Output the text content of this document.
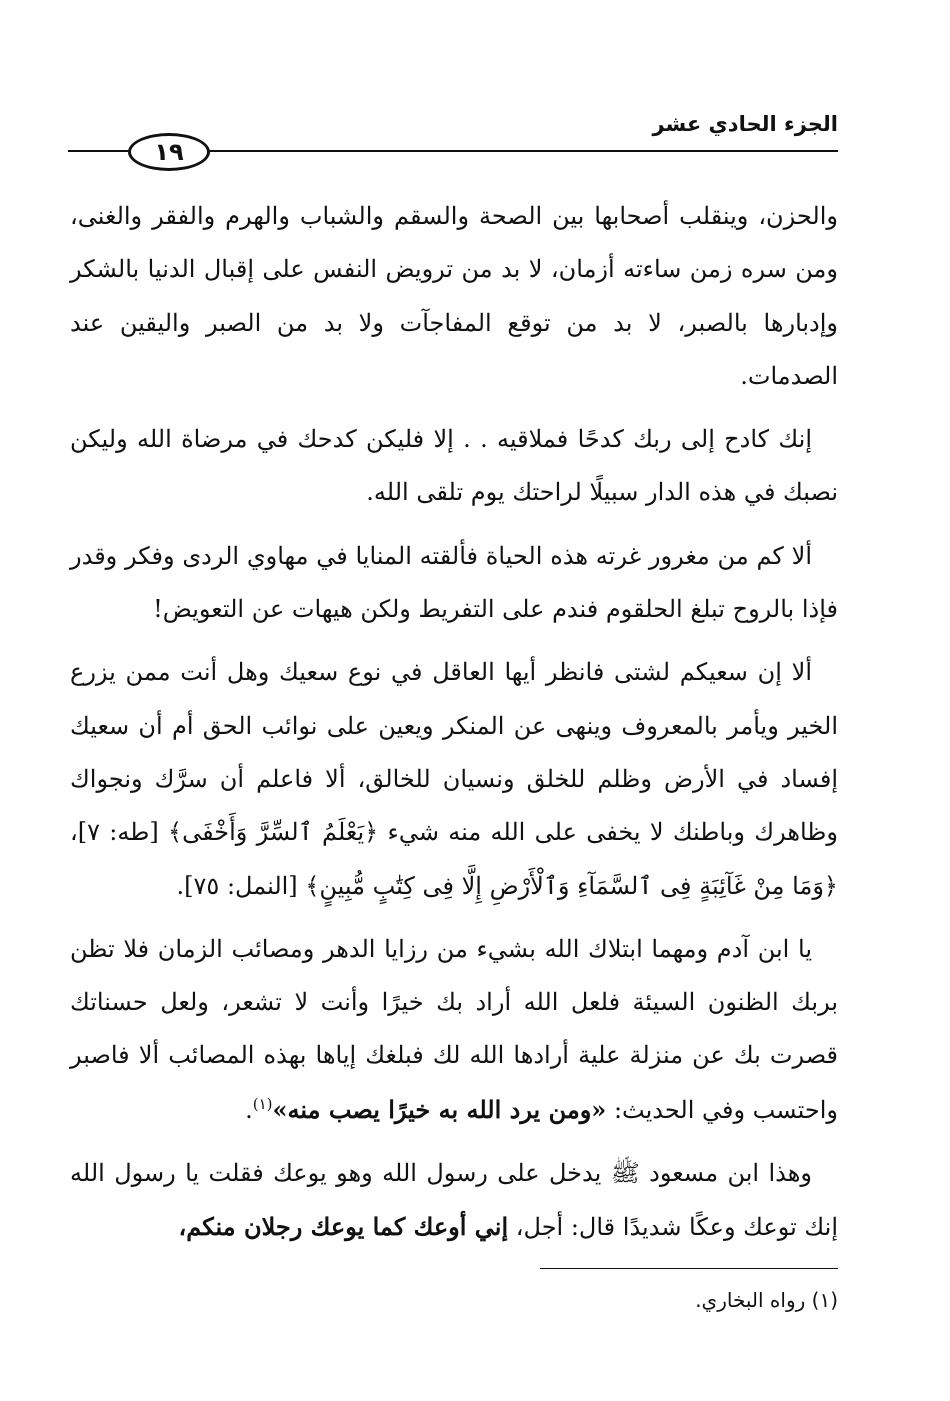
الجزء الحادي عشر
١٩

والحزن، وينقلب أصحابها بين الصحة والسقم والشباب والهرم والفقر والغنى، ومن سره زمن ساءته أزمان، لا بد من ترويض النفس على إقبال الدنيا بالشكر وإدبارها بالصبر، لا بد من توقع المفاجآت ولا بد من الصبر واليقين عند الصدمات.

إنك كادح إلى ربك كدحًا فملاقيه . . إلا فليكن كدحك في مرضاة الله وليكن نصبك في هذه الدار سبيلًا لراحتك يوم تلقى الله.

ألا كم من مغرور غرته هذه الحياة فألقته المنايا في مهاوي الردى وفكر وقدر فإذا بالروح تبلغ الحلقوم فندم على التفريط ولكن هيهات عن التعويض!

ألا إن سعيكم لشتى فانظر أيها العاقل في نوع سعيك وهل أنت ممن يزرع الخير ويأمر بالمعروف وينهى عن المنكر ويعين على نوائب الحق أم أن سعيك إفساد في الأرض وظلم للخلق ونسيان للخالق، ألا فاعلم أن سرَّك ونجواك وظاهرك وباطنك لا يخفى على الله منه شيء ﴿يَعْلَمُ ٱلسِّرَّ وَأَخْفَى﴾ [طه: ٧]، ﴿وَمَا مِنْ غَآئِبَةٍ فِى ٱلسَّمَآءِ وَٱلْأَرْضِ إِلَّا فِى كِتَٰبٍ مُّبِينٍ﴾ [النمل: ٧٥].

يا ابن آدم ومهما ابتلاك الله بشيء من رزايا الدهر ومصائب الزمان فلا تظن بربك الظنون السيئة فلعل الله أراد بك خيرًا وأنت لا تشعر، ولعل حسناتك قصرت بك عن منزلة علية أرادها الله لك فبلغك إياها بهذه المصائب ألا فاصبر واحتسب وفي الحديث: «ومن يرد الله به خيرًا يصب منه»$^{(١)}$.

وهذا ابن مسعود ﷺ يدخل على رسول الله وهو يوعك فقلت يا رسول الله إنك توعك وعكًا شديدًا قال: أجل، إني أوعك كما يوعك رجلان منكم،

(١) رواه البخاري.
